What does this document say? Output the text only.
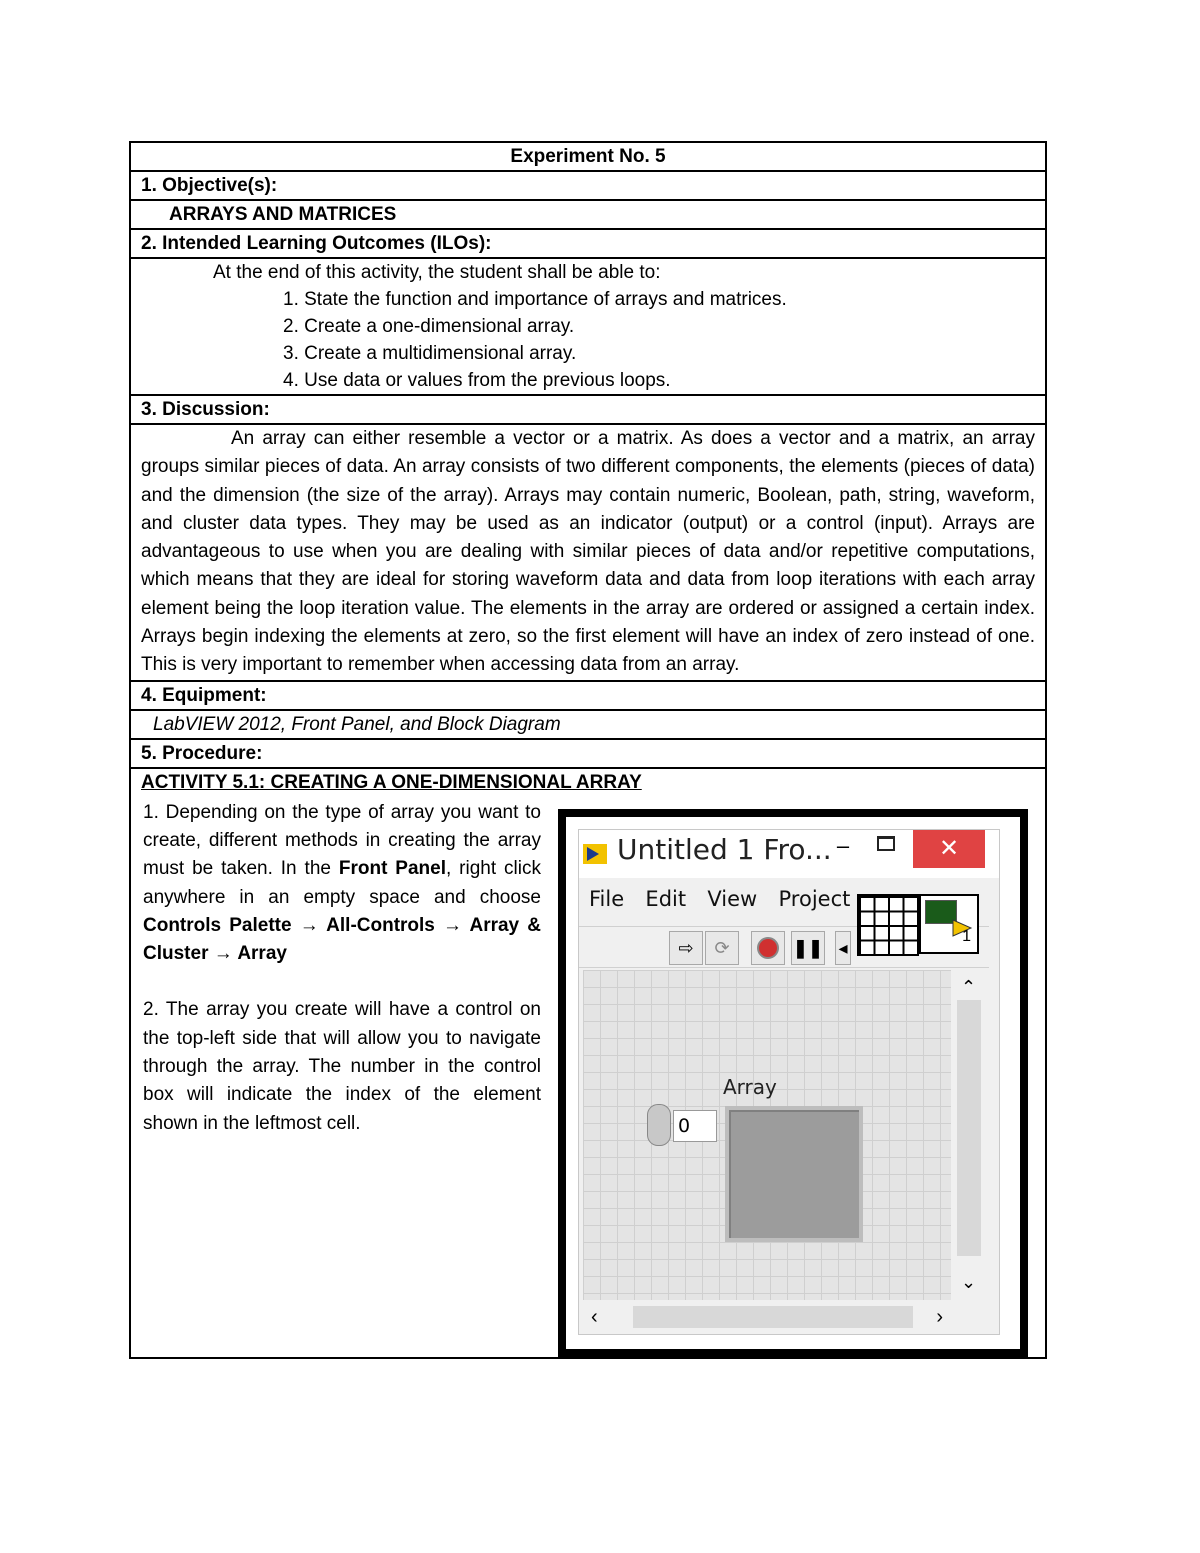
Experiment No. 5
1. Objective(s):
ARRAYS AND MATRICES
2. Intended Learning Outcomes (ILOs):

At the end of this activity, the student shall be able to:
1. State the function and importance of arrays and matrices.
2. Create a one-dimensional array.
3. Create a multidimensional array.
4. Use data or values from the previous loops.

3. Discussion:

An array can either resemble a vector or a matrix. As does a vector and a matrix, an array groups similar pieces of data. An array consists of two different components, the elements (pieces of data) and the dimension (the size of the array). Arrays may contain numeric, Boolean, path, string, waveform, and cluster data types. They may be used as an indicator (output) or a control (input). Arrays are advantageous to use when you are dealing with similar pieces of data and/or repetitive computations, which means that they are ideal for storing waveform data and data from loop iterations with each array element being the loop iteration value. The elements in the array are ordered or assigned a certain index. Arrays begin indexing the elements at zero, so the first element will have an index of zero instead of one. This is very important to remember when accessing data from an array.

4. Equipment:
LabVIEW 2012, Front Panel, and Block Diagram
5. Procedure:

ACTIVITY 5.1: CREATING A ONE-DIMENSIONAL ARRAY

1. Depending on the type of array you want to create, different methods in creating the array must be taken. In the Front Panel, right click anywhere in an empty space and choose Controls Palette → All-Controls → Array & Cluster → Array

2. The array you create will have a control on the top-left side that will allow you to navigate through the array. The number in the control box will indicate the index of the element shown in the leftmost cell.

Untitled 1 Fro... –	✕
File Edit View Project
⇨	⟳	❚❚ ◂
1
Array
0
⌃
⌄
‹	›
